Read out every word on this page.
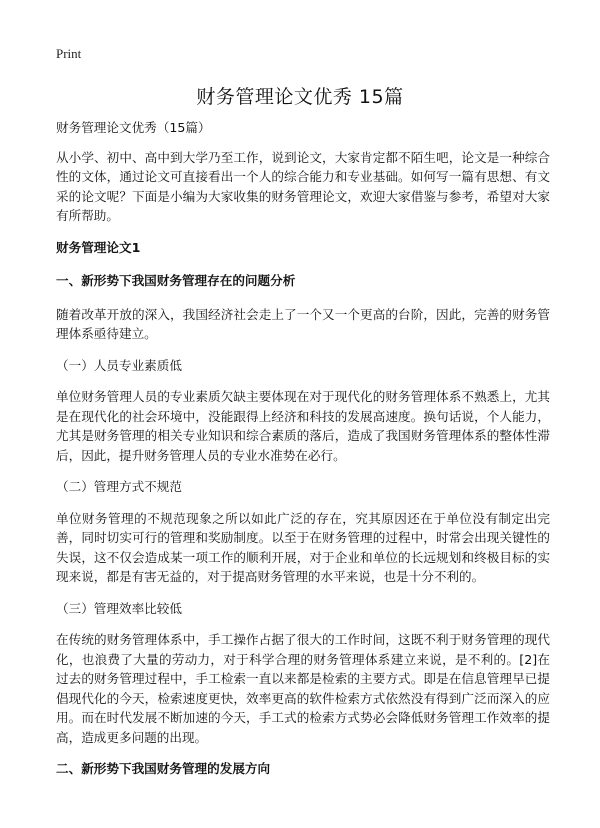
Print
财务管理论文优秀 15篇

财务管理论文优秀（15篇）

从小学、初中、高中到大学乃至工作，说到论文，大家肯定都不陌生吧，论文是一种综合性的文体，通过论文可直接看出一个人的综合能力和专业基础。如何写一篇有思想、有文采的论文呢？下面是小编为大家收集的财务管理论文，欢迎大家借鉴与参考，希望对大家有所帮助。

财务管理论文1

一、新形势下我国财务管理存在的问题分析

随着改革开放的深入，我国经济社会走上了一个又一个更高的台阶，因此，完善的财务管理体系亟待建立。

（一）人员专业素质低

单位财务管理人员的专业素质欠缺主要体现在对于现代化的财务管理体系不熟悉上，尤其是在现代化的社会环境中，没能跟得上经济和科技的发展高速度。换句话说，个人能力，尤其是财务管理的相关专业知识和综合素质的落后，造成了我国财务管理体系的整体性滞后，因此，提升财务管理人员的专业水准势在必行。

（二）管理方式不规范

单位财务管理的不规范现象之所以如此广泛的存在，究其原因还在于单位没有制定出完善，同时切实可行的管理和奖励制度。以至于在财务管理的过程中，时常会出现关键性的失误，这不仅会造成某一项工作的顺利开展，对于企业和单位的长远规划和终极目标的实现来说，都是有害无益的，对于提高财务管理的水平来说，也是十分不利的。

（三）管理效率比较低

在传统的财务管理体系中，手工操作占据了很大的工作时间，这既不利于财务管理的现代化，也浪费了大量的劳动力，对于科学合理的财务管理体系建立来说，是不利的。[2]在过去的财务管理过程中，手工检索一直以来都是检索的主要方式。即是在信息管理早已提倡现代化的今天，检索速度更快，效率更高的软件检索方式依然没有得到广泛而深入的应用。而在时代发展不断加速的今天，手工式的检索方式势必会降低财务管理工作效率的提高，造成更多问题的出现。

二、新形势下我国财务管理的发展方向
